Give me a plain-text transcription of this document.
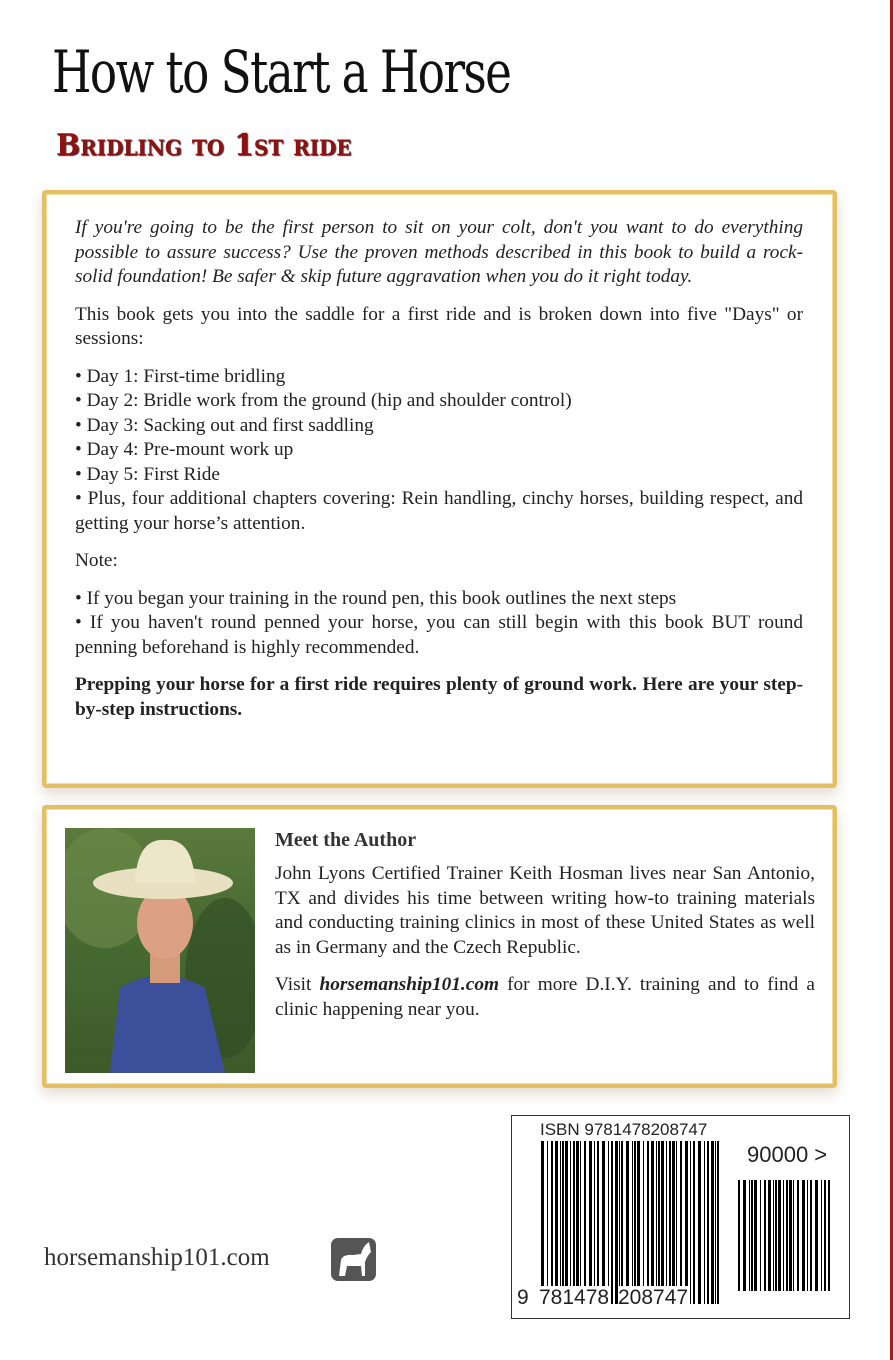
How to Start a Horse
Bridling to 1st ride

If you're going to be the first person to sit on your colt, don't you want to do everything possible to assure success? Use the proven methods described in this book to build a rock-solid foundation! Be safer & skip future aggravation when you do it right today.

This book gets you into the saddle for a first ride and is broken down into five "Days" or sessions:

• Day 1: First-time bridling
• Day 2: Bridle work from the ground (hip and shoulder control)
• Day 3: Sacking out and first saddling
• Day 4: Pre-mount work up
• Day 5: First Ride
• Plus, four additional chapters covering: Rein handling, cinchy horses, building respect, and getting your horse’s attention.

Note:

• If you began your training in the round pen, this book outlines the next steps
• If you haven't round penned your horse, you can still begin with this book BUT round penning beforehand is highly recommended.

Prepping your horse for a first ride requires plenty of ground work. Here are your step-by-step instructions.

Meet the Author

John Lyons Certified Trainer Keith Hosman lives near San Antonio, TX and divides his time between writing how-to training materials and conducting training clinics in most of these United States as well as in Germany and the Czech Republic.

Visit horsemanship101.com for more D.I.Y. training and to find a clinic happening near you.

horsemanship101.com
ISBN 9781478208747
90000 >
9 781478 208747
